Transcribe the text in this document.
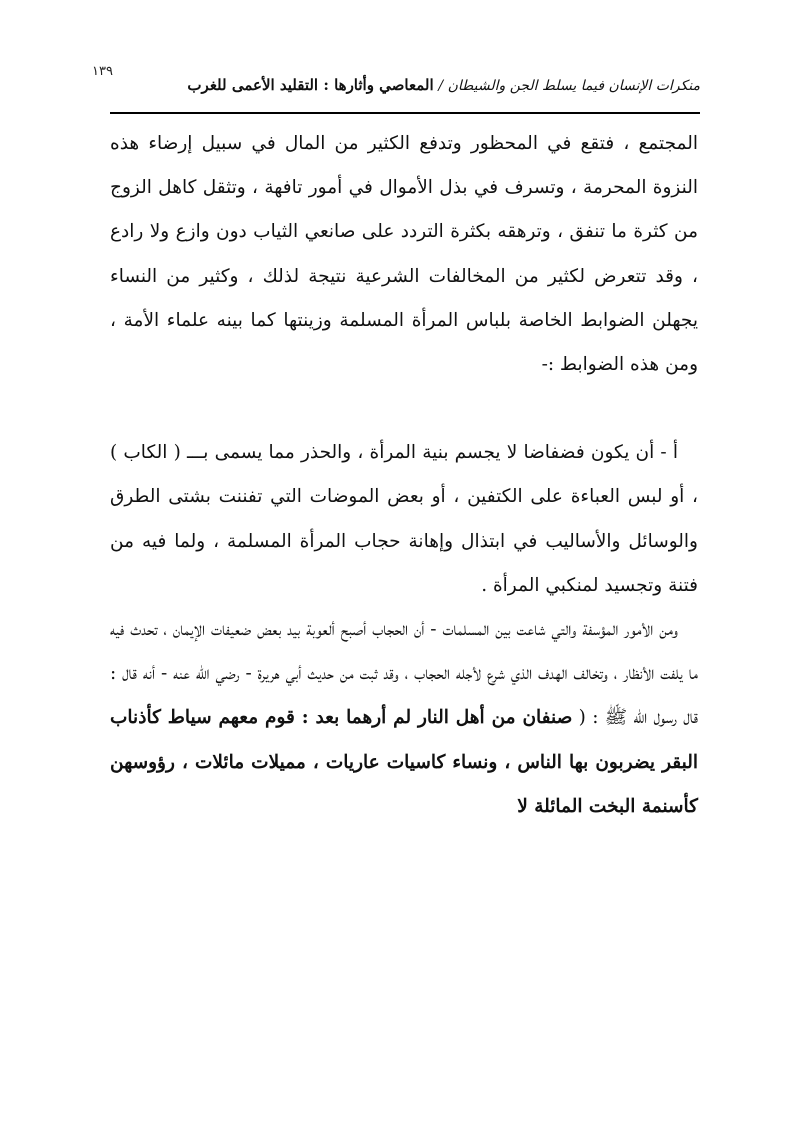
١٣٩
منكرات الإنسان فيما يسلط الجن والشيطان / المعاصي وأثارها : التقليد الأعمى للغرب

المجتمع ، فتقع في المحظور وتدفع الكثير من المال في سبيل إرضاء هذه النزوة المحرمة ، وتسرف في بذل الأموال في أمور تافهة ، وتثقل كاهل الزوج من كثرة ما تنفق ، وترهقه بكثرة التردد على صانعي الثياب دون وازع ولا رادع ، وقد تتعرض لكثير من المخالفات الشرعية نتيجة لذلك ، وكثير من النساء يجهلن الضوابط الخاصة بلباس المرأة المسلمة وزينتها كما بينه علماء الأمة ، ومن هذه الضوابط :-

أ - أن يكون فضفاضا لا يجسم بنية المرأة ، والحذر مما يسمى بـــ ( الكاب ) ، أو لبس العباءة على الكتفين ، أو بعض الموضات التي تفننت بشتى الطرق والوسائل والأساليب في ابتذال وإهانة حجاب المرأة المسلمة ، ولما فيه من فتنة وتجسيد لمنكبي المرأة .

ومن الأمور المؤسفة والتي شاعت بين المسلمات - أن الحجاب أصبح ألعوبة بيد بعض ضعيفات الإيمان ، تحدث فيه ما يلفت الأنظار ، وتخالف الهدف الذي شرع لأجله الحجاب ، وقد ثبت من حديث أبي هريرة - رضي الله عنه - أنه قال : قال رسول الله ﷺ : ( صنفان من أهل النار لم أرهما بعد : قوم معهم سياط كأذناب البقر يضربون بها الناس ، ونساء كاسيات عاريات ، مميلات مائلات ، رؤوسهن كأسنمة البخت المائلة لا
